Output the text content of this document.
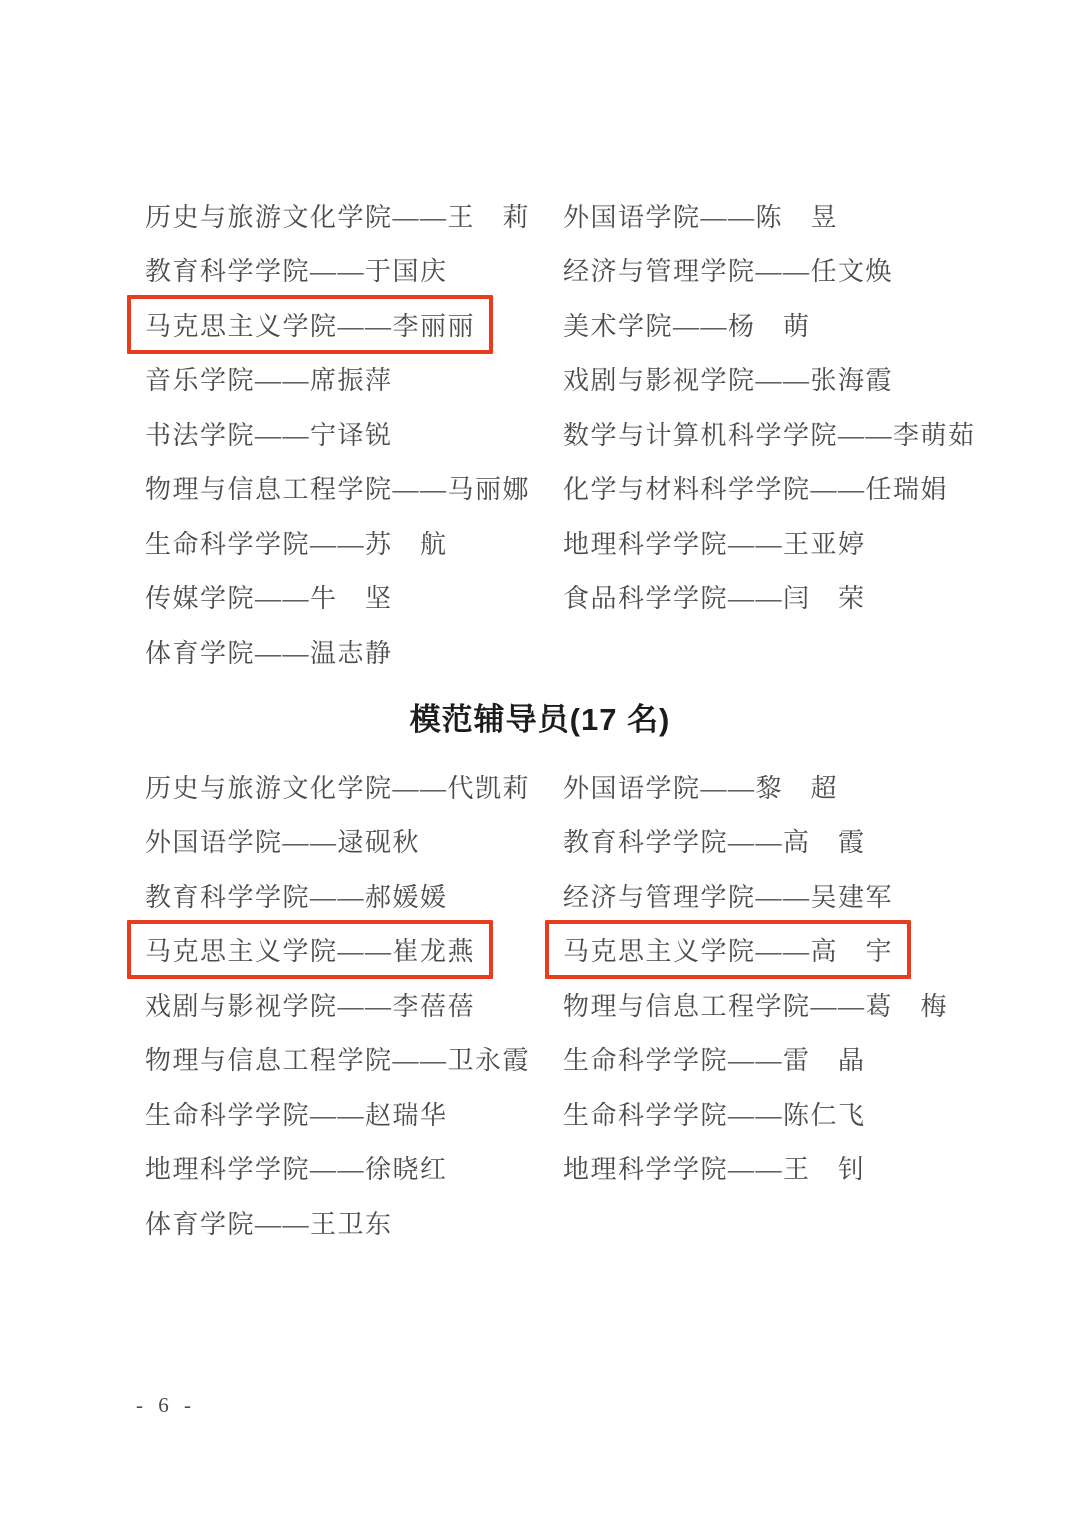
历史与旅游文化学院——王　莉
教育科学学院——于国庆
马克思主义学院——李丽丽
音乐学院——席振萍
书法学院——宁译锐
物理与信息工程学院——马丽娜
生命科学学院——苏　航
传媒学院——牛　坚
体育学院——温志静
外国语学院——陈　昱
经济与管理学院——任文焕
美术学院——杨　萌
戏剧与影视学院——张海霞
数学与计算机科学学院——李萌茹
化学与材料科学学院——任瑞娟
地理科学学院——王亚婷
食品科学学院——闫　荣
模范辅导员(17 名)
历史与旅游文化学院——代凯莉
外国语学院——逯砚秋
教育科学学院——郝媛媛
马克思主义学院——崔龙燕
戏剧与影视学院——李蓓蓓
物理与信息工程学院——卫永霞
生命科学学院——赵瑞华
地理科学学院——徐晓红
体育学院——王卫东
外国语学院——黎　超
教育科学学院——高　霞
经济与管理学院——吴建军
马克思主义学院——高　宇
物理与信息工程学院——葛　梅
生命科学学院——雷　晶
生命科学学院——陈仁飞
地理科学学院——王　钊
- 6 -
